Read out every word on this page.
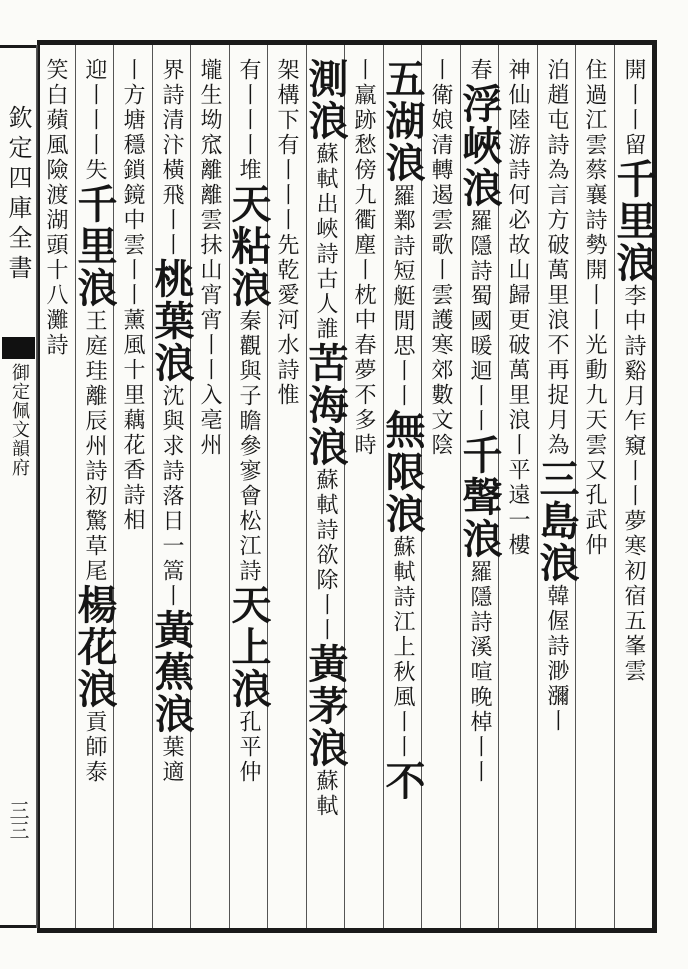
欽定四庫全書
御定佩文韻府
三三
開丨丨留千里浪李中詩谿月乍窺丨丨夢寒初宿五峯雲
住過江雲蔡襄詩勢開丨丨光動九天雲又孔武仲
泊趙屯詩為言方破萬里浪不再捉月為三島浪韓偓詩渺瀰丨
神仙陸游詩何必故山歸更破萬里浪丨平遠一樓
春浮峽浪羅隱詩蜀國暖迴丨丨千聲浪羅隱詩溪喧晚棹丨丨
丨衛娘清轉遏雲歌丨雲護寒郊數文陰
五湖浪羅鄴詩短艇閒思丨丨無限浪蘇軾詩江上秋風丨丨不
丨羸跡愁傍九衢塵丨枕中春夢不多時
測浪蘇軾出峽詩古人誰苦海浪蘇軾詩欲除丨丨黃茅浪蘇軾
架構下有丨丨丨先乾愛河水詩惟
有丨丨丨堆天粘浪秦觀與子瞻參寥會松江詩天上浪孔平仲
壠生坳窊離離雲抹山宵宵丨丨入亳州
界詩清汴橫飛丨丨桃葉浪沈與求詩落日一篙丨黃蕉浪葉適
丨方塘穩鎖鏡中雲丨丨薰風十里藕花香詩相
迎丨丨丨失千里浪王庭珪離辰州詩初驚草尾楊花浪貢師泰
笑白蘋風險渡湖頭十八灘詩
